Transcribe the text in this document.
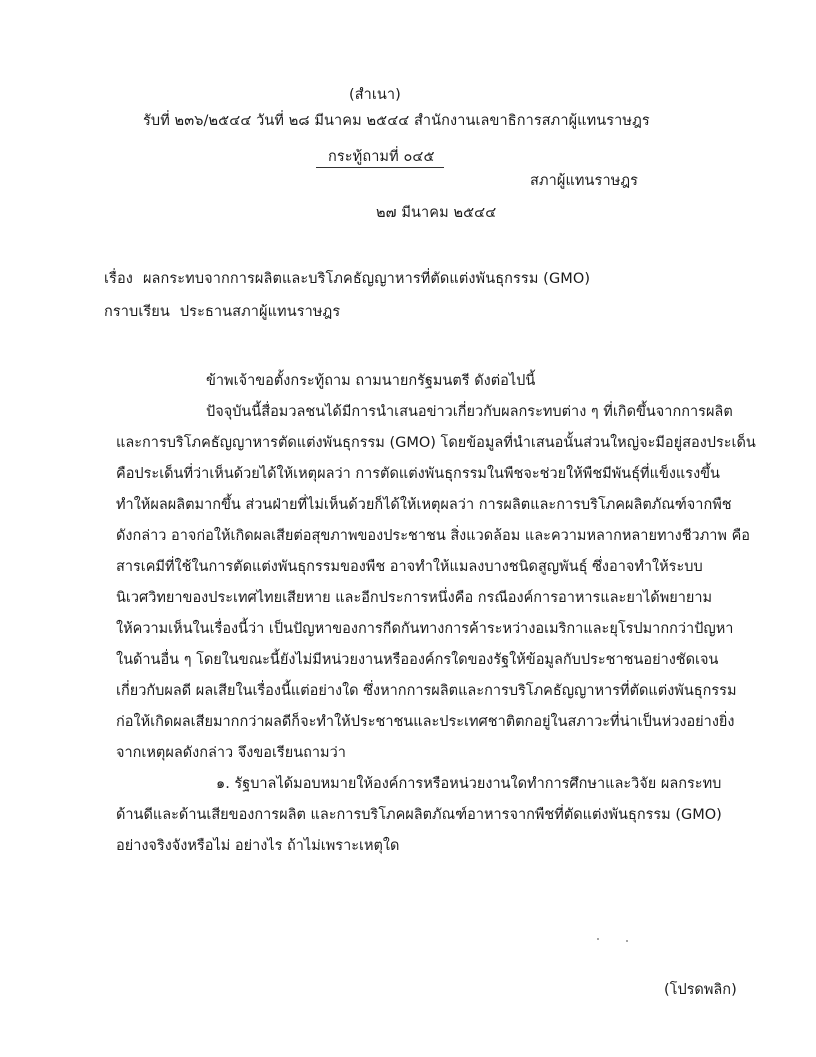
(สำเนา)
รับที่ ๒๓๖/๒๕๔๔ วันที่ ๒๘ มีนาคม ๒๕๔๔ สำนักงานเลขาธิการสภาผู้แทนราษฎร
กระทู้ถามที่ ๐๔๕
สภาผู้แทนราษฎร
๒๗ มีนาคม ๒๕๔๔
เรื่อง ผลกระทบจากการผลิตและบริโภคธัญญาหารที่ตัดแต่งพันธุกรรม (GMO)
กราบเรียน ประธานสภาผู้แทนราษฎร

ข้าพเจ้าขอตั้งกระทู้ถาม ถามนายกรัฐมนตรี ดังต่อไปนี้

ปัจจุบันนี้สื่อมวลชนได้มีการนำเสนอข่าวเกี่ยวกับผลกระทบต่าง ๆ ที่เกิดขึ้นจากการผลิต

และการบริโภคธัญญาหารตัดแต่งพันธุกรรม (GMO) โดยข้อมูลที่นำเสนอนั้นส่วนใหญ่จะมีอยู่สองประเด็น

คือประเด็นที่ว่าเห็นด้วยได้ให้เหตุผลว่า การตัดแต่งพันธุกรรมในพืชจะช่วยให้พืชมีพันธุ์ที่แข็งแรงขึ้น

ทำให้ผลผลิตมากขึ้น ส่วนฝ่ายที่ไม่เห็นด้วยก็ได้ให้เหตุผลว่า การผลิตและการบริโภคผลิตภัณฑ์จากพืช

ดังกล่าว อาจก่อให้เกิดผลเสียต่อสุขภาพของประชาชน สิ่งแวดล้อม และความหลากหลายทางชีวภาพ คือ

สารเคมีที่ใช้ในการตัดแต่งพันธุกรรมของพืช อาจทำให้แมลงบางชนิดสูญพันธุ์ ซึ่งอาจทำให้ระบบ

นิเวศวิทยาของประเทศไทยเสียหาย และอีกประการหนึ่งคือ กรณีองค์การอาหารและยาได้พยายาม

ให้ความเห็นในเรื่องนี้ว่า เป็นปัญหาของการกีดกันทางการค้าระหว่างอเมริกาและยุโรปมากกว่าปัญหา

ในด้านอื่น ๆ โดยในขณะนี้ยังไม่มีหน่วยงานหรือองค์กรใดของรัฐให้ข้อมูลกับประชาชนอย่างชัดเจน

เกี่ยวกับผลดี ผลเสียในเรื่องนี้แต่อย่างใด ซึ่งหากการผลิตและการบริโภคธัญญาหารที่ตัดแต่งพันธุกรรม

ก่อให้เกิดผลเสียมากกว่าผลดีก็จะทำให้ประชาชนและประเทศชาติตกอยู่ในสภาวะที่น่าเป็นห่วงอย่างยิ่ง

จากเหตุผลดังกล่าว จึงขอเรียนถามว่า

๑. รัฐบาลได้มอบหมายให้องค์การหรือหน่วยงานใดทำการศึกษาและวิจัย ผลกระทบ

ด้านดีและด้านเสียของการผลิต และการบริโภคผลิตภัณฑ์อาหารจากพืชที่ตัดแต่งพันธุกรรม (GMO)

อย่างจริงจังหรือไม่ อย่างไร ถ้าไม่เพราะเหตุใด

(โปรดพลิก)
